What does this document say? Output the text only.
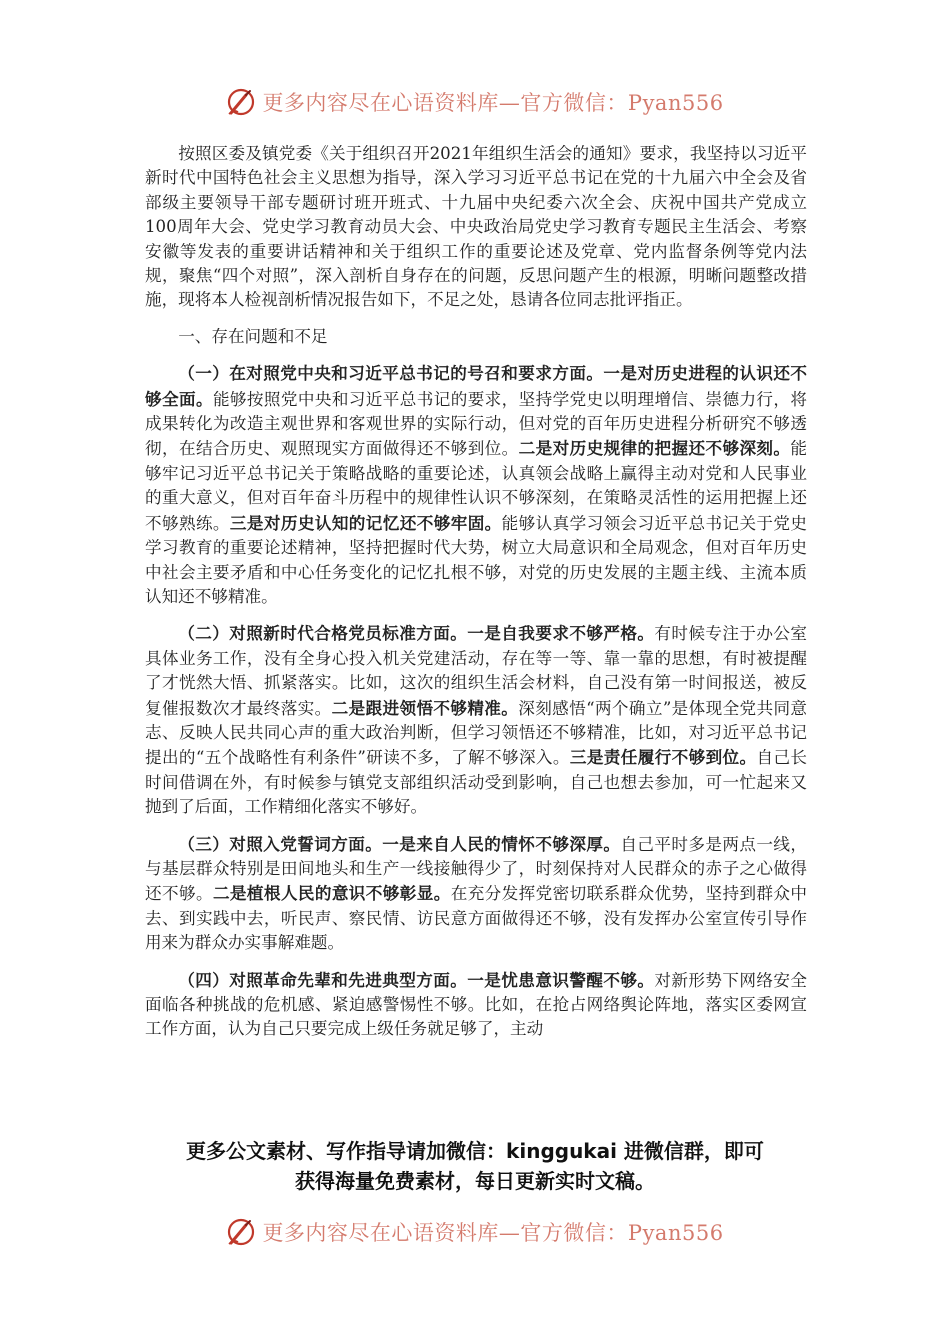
更多内容尽在心语资料库—官方微信：Pyan556

按照区委及镇党委《关于组织召开2021年组织生活会的通知》要求，我坚持以习近平新时代中国特色社会主义思想为指导，深入学习习近平总书记在党的十九届六中全会及省部级主要领导干部专题研讨班开班式、十九届中央纪委六次全会、庆祝中国共产党成立100周年大会、党史学习教育动员大会、中央政治局党史学习教育专题民主生活会、考察安徽等发表的重要讲话精神和关于组织工作的重要论述及党章、党内监督条例等党内法规，聚焦“四个对照”，深入剖析自身存在的问题，反思问题产生的根源，明晰问题整改措施，现将本人检视剖析情况报告如下，不足之处，恳请各位同志批评指正。

一、存在问题和不足

（一）在对照党中央和习近平总书记的号召和要求方面。一是对历史进程的认识还不够全面。能够按照党中央和习近平总书记的要求，坚持学党史以明理增信、崇德力行，将成果转化为改造主观世界和客观世界的实际行动，但对党的百年历史进程分析研究不够透彻，在结合历史、观照现实方面做得还不够到位。二是对历史规律的把握还不够深刻。能够牢记习近平总书记关于策略战略的重要论述，认真领会战略上赢得主动对党和人民事业的重大意义，但对百年奋斗历程中的规律性认识不够深刻，在策略灵活性的运用把握上还不够熟练。三是对历史认知的记忆还不够牢固。能够认真学习领会习近平总书记关于党史学习教育的重要论述精神，坚持把握时代大势，树立大局意识和全局观念，但对百年历史中社会主要矛盾和中心任务变化的记忆扎根不够，对党的历史发展的主题主线、主流本质认知还不够精准。

（二）对照新时代合格党员标准方面。一是自我要求不够严格。有时候专注于办公室具体业务工作，没有全身心投入机关党建活动，存在等一等、靠一靠的思想，有时被提醒了才恍然大悟、抓紧落实。比如，这次的组织生活会材料，自己没有第一时间报送，被反复催报数次才最终落实。二是跟进领悟不够精准。深刻感悟“两个确立”是体现全党共同意志、反映人民共同心声的重大政治判断，但学习领悟还不够精准，比如，对习近平总书记提出的“五个战略性有利条件”研读不多，了解不够深入。三是责任履行不够到位。自己长时间借调在外，有时候参与镇党支部组织活动受到影响，自己也想去参加，可一忙起来又抛到了后面，工作精细化落实不够好。

（三）对照入党誓词方面。一是来自人民的情怀不够深厚。自己平时多是两点一线，与基层群众特别是田间地头和生产一线接触得少了，时刻保持对人民群众的赤子之心做得还不够。二是植根人民的意识不够彰显。在充分发挥党密切联系群众优势，坚持到群众中去、到实践中去，听民声、察民情、访民意方面做得还不够，没有发挥办公室宣传引导作用来为群众办实事解难题。

（四）对照革命先辈和先进典型方面。一是忧患意识警醒不够。对新形势下网络安全面临各种挑战的危机感、紧迫感警惕性不够。比如，在抢占网络舆论阵地，落实区委网宣工作方面，认为自己只要完成上级任务就足够了，主动

更多公文素材、写作指导请加微信：kinggukai 进微信群，即可
获得海量免费素材，每日更新实时文稿。
更多内容尽在心语资料库—官方微信：Pyan556
